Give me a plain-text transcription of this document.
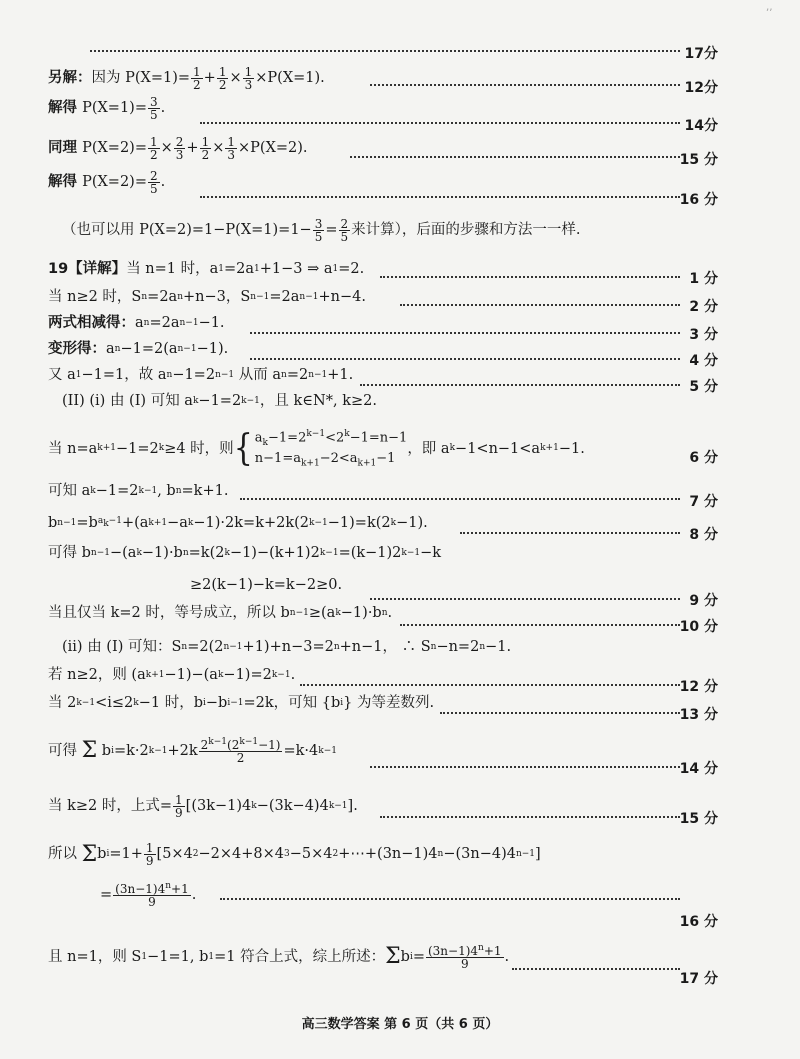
ʼʼ
17分
另解： 因为 $P(X=1)= \frac{1}{2} + \frac{1}{2} \times \frac{1}{3} \times P(X=1)$.
12分
解得 $P(X=1)= \frac{3}{5}$ .
14分
同理 $P(X=2)= \frac{1}{2} \times \frac{2}{3} + \frac{1}{2} \times \frac{1}{3} \times P(X=2)$.
15 分
解得 $P(X=2)= \frac{2}{5}$ .
16 分
（也可以用 $P(X=2)=1-P(X=1)=1- \frac{3}{5} = \frac{2}{5}$ 来计算），后面的步骤和方法一一样.
19【详解】 当 n=1 时，a 1 =2a 1 +1−3 ⇒ a 1 =2.
1 分
当 n≥2 时，S n =2a n +n−3，S n−1 =2a n−1 +n−4.
2 分
两式相减得： a n =2a n−1 −1.
3 分
变形得： a n −1=2(a n−1 −1).
4 分
又 a 1 −1=1，故 a n −1=2 n−1 从而 a n =2 n−1 +1.
5 分
(II) (i) 由 (I) 可知 a k −1=2 k−1 ，且 k∈N*, k≥2.
当 n=a k+1 −1=2 k ≥4 时，则 { $a_k-1=2^{k-1}<2^k-1=n-1$
$n-1=a_{k+1}-2<a_{k+1}-1$
，即 a k −1<n−1<a k+1 −1.
6 分
可知 a k −1=2 k−1 , b n =k+1.
7 分
b n−1 =b $a_k-1 +(a$ k+1 −a k −1)·2k=k+2k(2 k−1 −1)=k(2 k −1).
8 分
可得 b n−1 −(a k −1)·b n =k(2 k −1)−(k+1)2 k−1 =(k−1)2 k−1 −k
≥2(k−1)−k=k−2≥0.
9 分
当且仅当 k=2 时，等号成立，所以 b n−1 ≥(a k −1)·b n .
10 分
(ii) 由 (I) 可知：S n =2(2 n−1 +1)+n−3=2 n +n−1， ∴ S n −n=2 n −1.
若 n≥2，则 (a k+1 −1)−(a k −1)=2 k−1 .
12 分
当 2 k−1 <i≤2 k −1 时，b i −b i−1 =2k，可知 {b i } 为等差数列.
13 分
可得 Σ b i =k·2 $k-1 +2k \frac{2^{k-1}(2^{k-1}-1)}{2} =k\cdot 4$ k−1
14 分
当 k≥2 时，上式= $\frac{1}{9} [(3k-1)4$ k −(3k−4)4 k−1 ].
15 分
所以 Σ b $i =1+ \frac{1}{9} [5\times 4$ 2 −2×4+8×4 3 −5×4 2 +⋯+(3n−1)4 n −(3n−4)4 n−1 ]
= $\frac{(3n-1)4^n+1}{9}$ .
16 分
且 n=1，则 S 1 −1=1, b 1 =1 符合上式，综上所述： Σ b $i = \frac{(3n-1)4^n+1}{9}$ .
17 分
高三数学答案 第 6 页（共 6 页）
